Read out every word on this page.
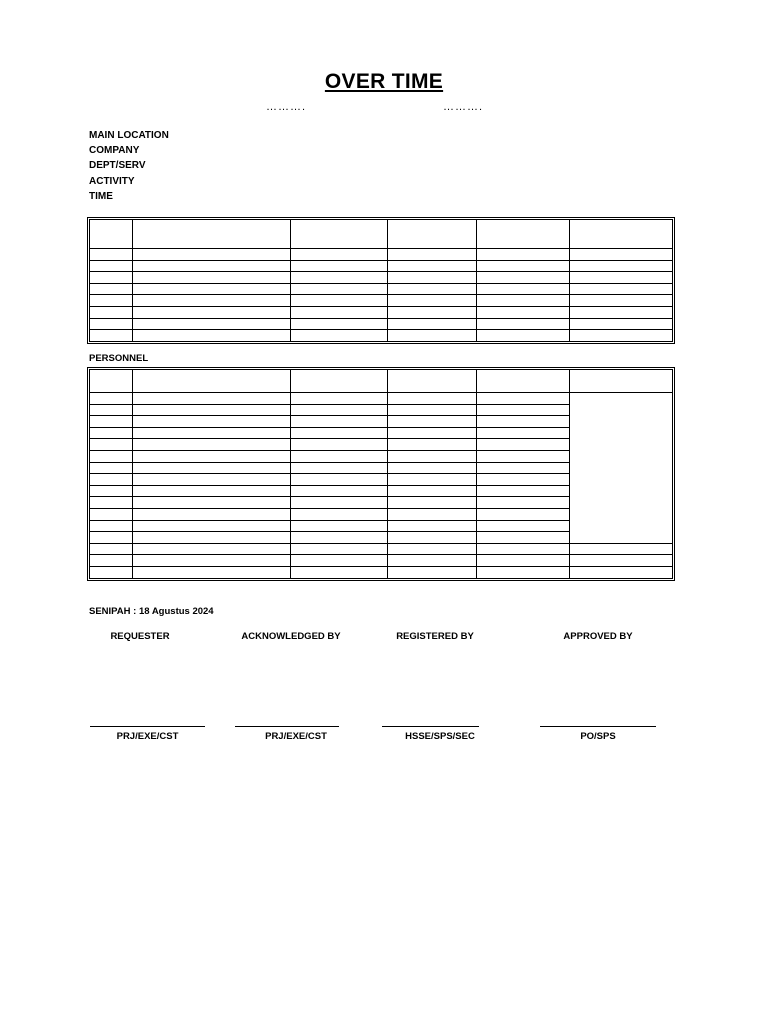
OVER TIME
……….	……….
MAIN LOCATION
COMPANY
DEPT/SERV
ACTIVITY
TIME

PERSONNEL

SENIPAH : 18 Agustus 2024
REQUESTER	ACKNOWLEDGED BY	REGISTERED BY	APPROVED BY
PRJ/EXE/CST	PRJ/EXE/CST	HSSE/SPS/SEC	PO/SPS
